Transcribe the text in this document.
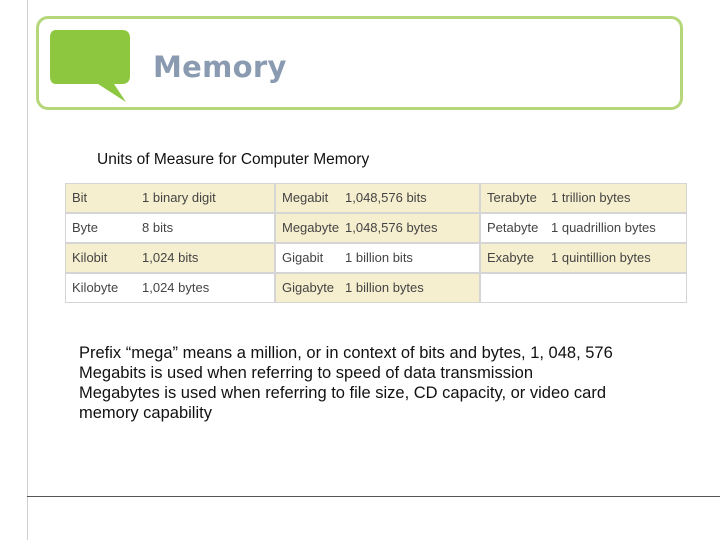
Memory
Units of Measure for Computer Memory
Bit	1 binary digit	Megabit 1,048,576 bits	Terabyte 1 trillion bytes
Byte	8 bits	Megabyte 1,048,576 bytes	Petabyte 1 quadrillion bytes
Kilobit	1,024 bits	Gigabit 1 billion bits	Exabyte 1 quintillion bytes
Kilobyte 1,024 bytes	Gigabyte 1 billion bytes
Prefix “mega” means a million, or in context of bits and bytes, 1, 048, 576
Megabits is used when referring to speed of data transmission
Megabytes is used when referring to file size, CD capacity, or video card
memory capability
